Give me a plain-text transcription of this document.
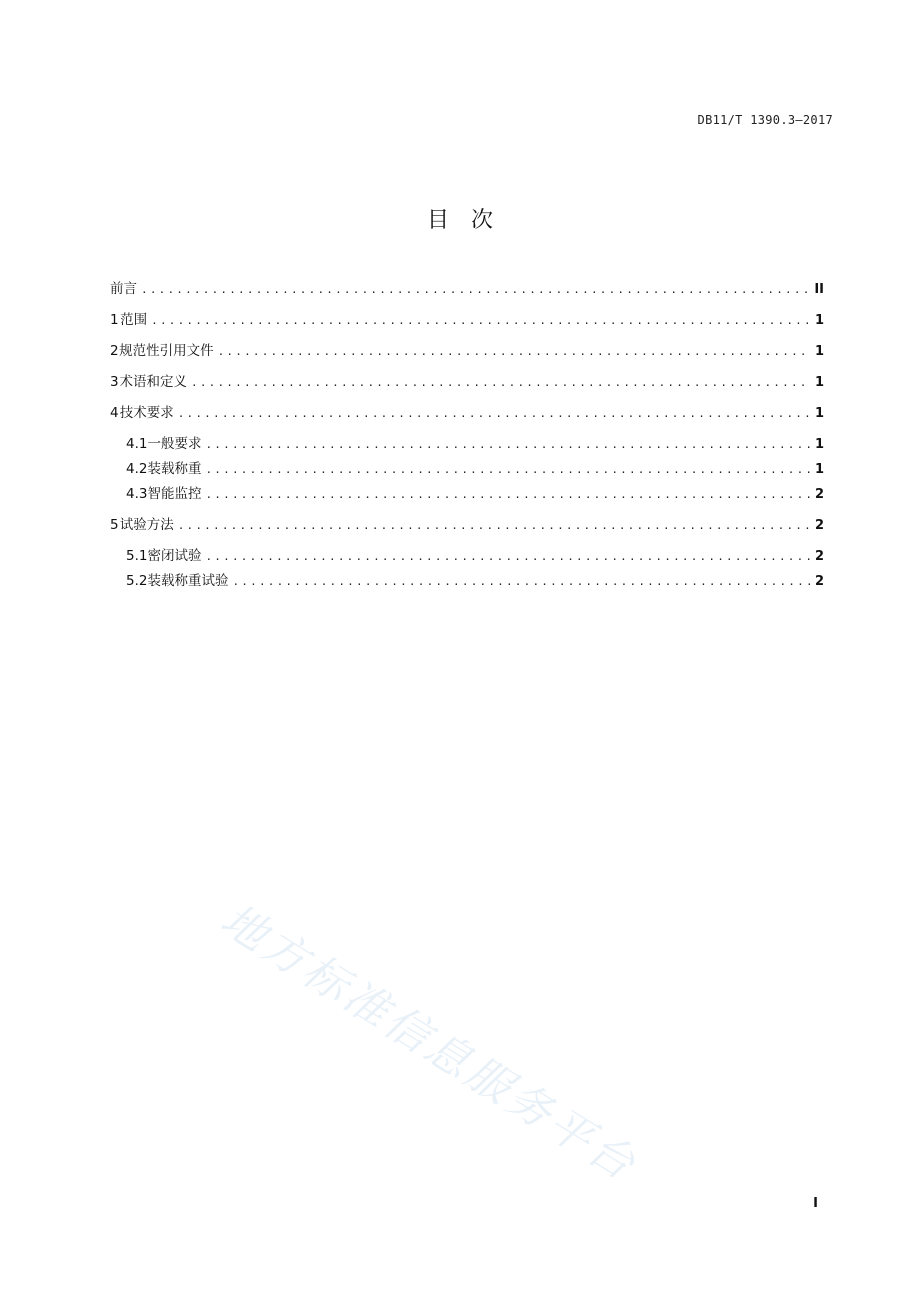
DB11/T 1390.3—2017
目次
前言 .....	II
1 范围 .....	1
2 规范性引用文件 .....	1
3 术语和定义 .....	1
4 技术要求 .....	1
4.1 一般要求 .....	1
4.2 装载称重 .....	1
4.3 智能监控 .....	2
5 试验方法 .....	2
5.1 密闭试验 .....	2
5.2 装载称重试验 .....	2
地方标准信息服务平台
I
